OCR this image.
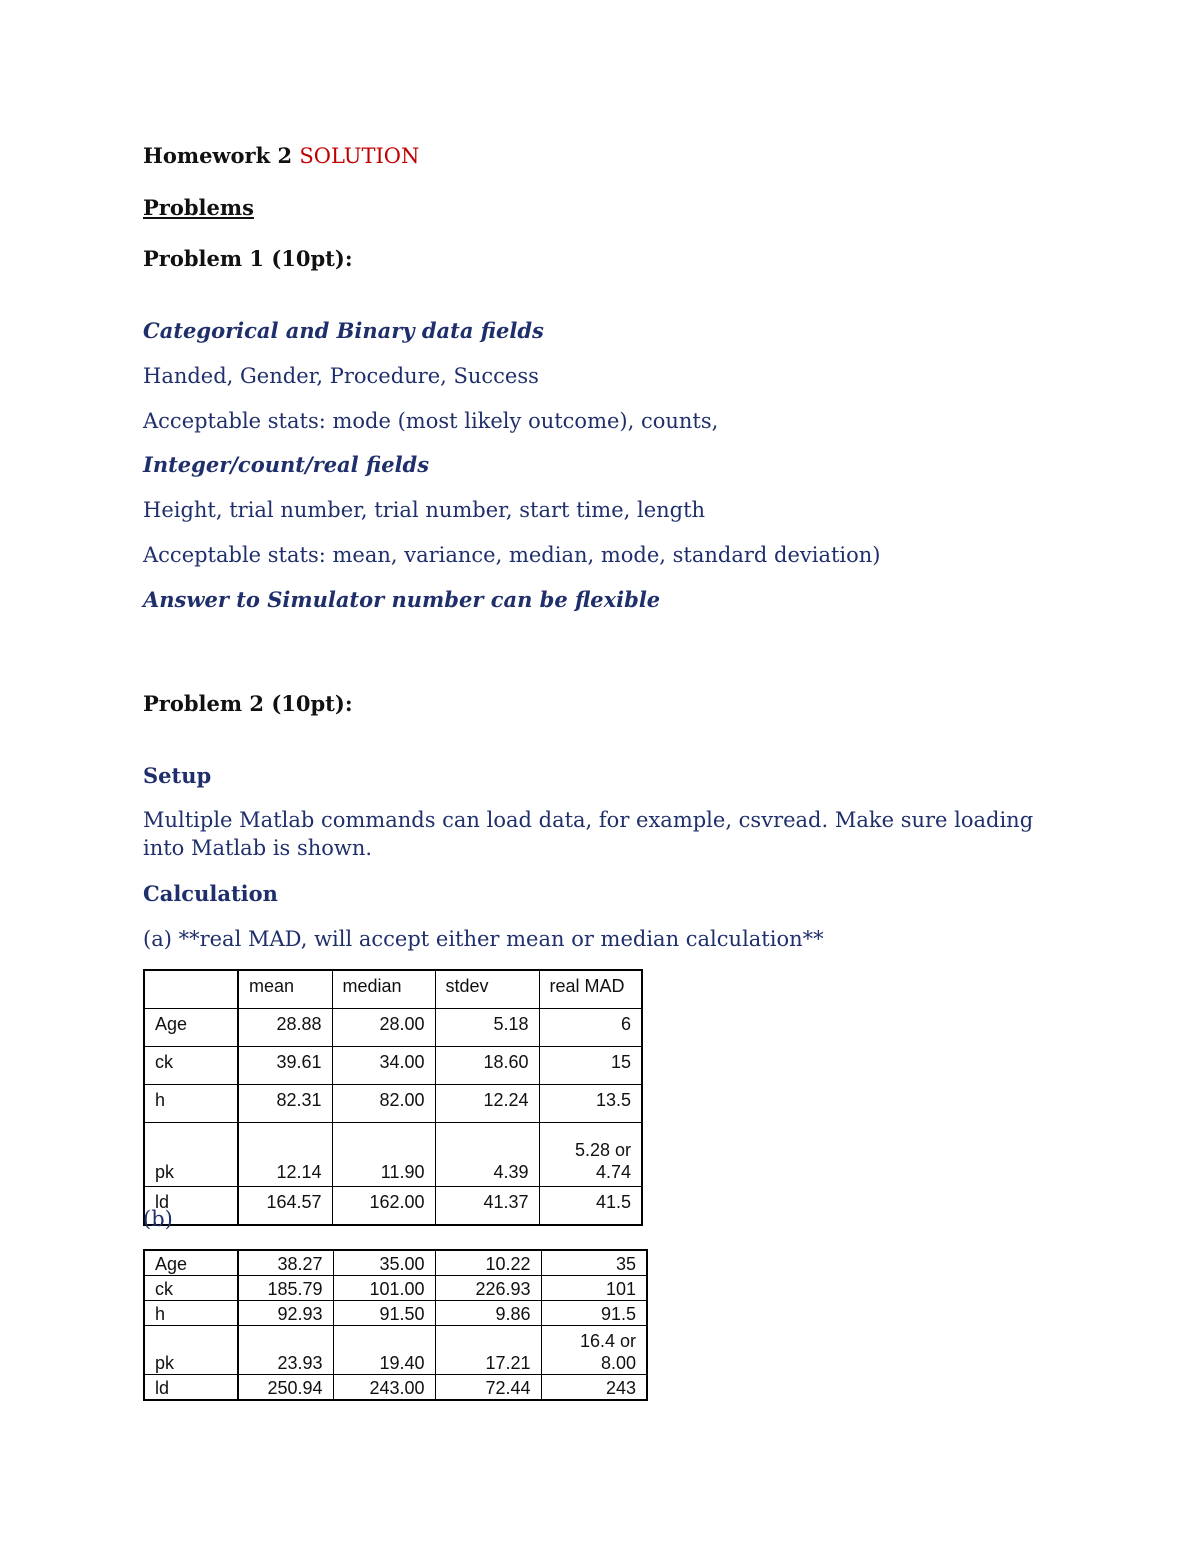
Homework 2 SOLUTION
Problems
Problem 1 (10pt):
Categorical and Binary data fields
Handed, Gender, Procedure, Success
Acceptable stats: mode (most likely outcome), counts,
Integer/count/real fields
Height, trial number, trial number, start time, length
Acceptable stats: mean, variance, median, mode, standard deviation)
Answer to Simulator number can be flexible
Problem 2 (10pt):
Setup
Multiple Matlab commands can load data, for example, csvread. Make sure loading into Matlab is shown.
Calculation
(a) **real MAD, will accept either mean or median calculation**
	mean	median	stdev	real MAD
Age	28.88	28.00	5.18	6
ck	39.61	34.00	18.60	15
h	82.31	82.00	12.24	13.5
pk	12.14	11.90	4.39	5.28 or 4.74
ld	164.57	162.00	41.37	41.5
(b)
Age	38.27	35.00	10.22	35
ck	185.79	101.00	226.93	101
h	92.93	91.50	9.86	91.5
pk	23.93	19.40	17.21	16.4 or 8.00
ld	250.94	243.00	72.44	243
